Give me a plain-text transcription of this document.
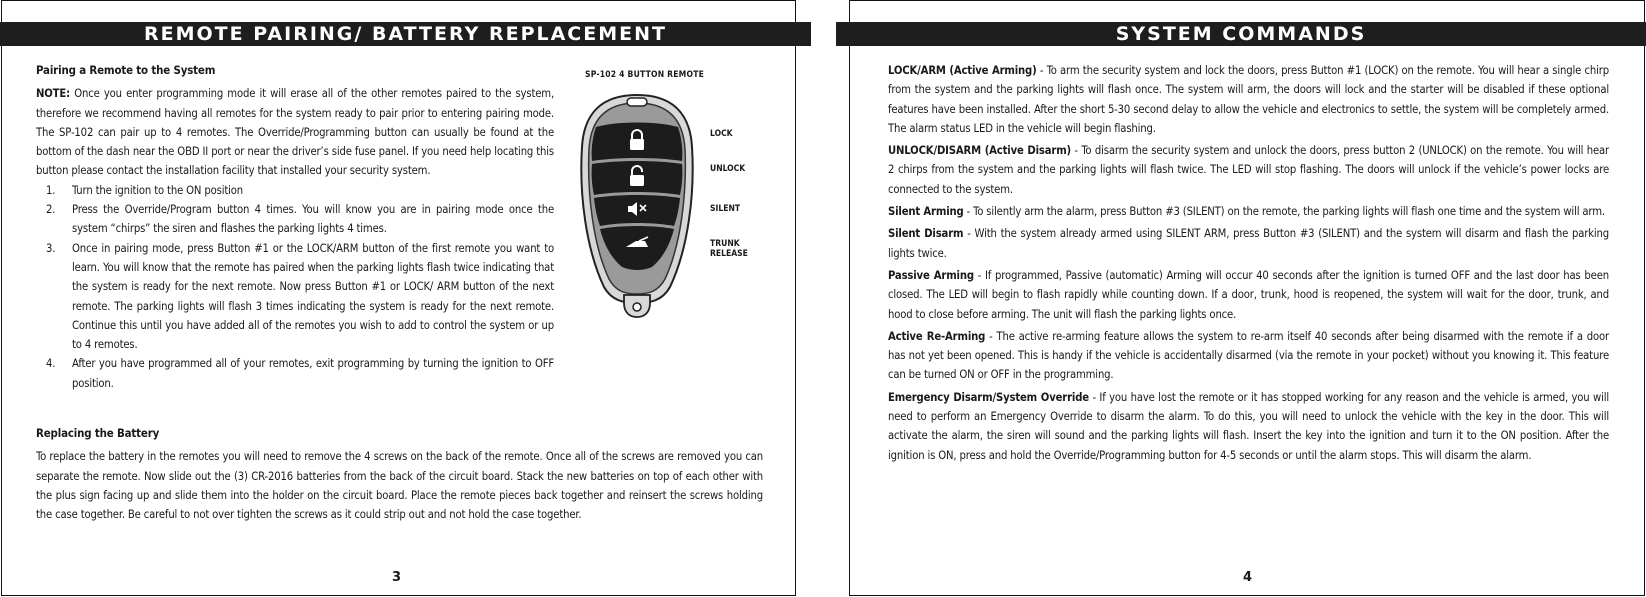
REMOTE PAIRING/ BATTERY REPLACEMENT

Pairing a Remote to the System

NOTE: Once you enter programming mode it will erase all of the other remotes paired to the system, therefore we recommend having all remotes for the system ready to pair prior to entering pairing mode. The SP-102 can pair up to 4 remotes. The Override/Programming button can usually be found at the bottom of the dash near the OBD II port or near the driver’s side fuse panel. If you need help locating this button please contact the installation facility that installed your security system.

1. Turn the ignition to the ON position
2. Press the Override/Program button 4 times. You will know you are in pairing mode once the system “chirps” the siren and flashes the parking lights 4 times.
3. Once in pairing mode, press Button #1 or the LOCK/ARM button of the first remote you want to learn. You will know that the remote has paired when the parking lights flash twice indicating that the system is ready for the next remote. Now press Button #1 or LOCK/ ARM button of the next remote. The parking lights will flash 3 times indicating the system is ready for the next remote. Continue this until you have added all of the remotes you wish to add to control the system or up to 4 remotes.
4. After you have programmed all of your remotes, exit programming by turning the ignition to OFF position.

Replacing the Battery

To replace the battery in the remotes you will need to remove the 4 screws on the back of the remote. Once all of the screws are removed you can separate the remote. Now slide out the (3) CR-2016 batteries from the back of the circuit board. Stack the new batteries on top of each other with the plus sign facing up and slide them into the holder on the circuit board. Place the remote pieces back together and reinsert the screws holding the case together. Be careful to not over tighten the screws as it could strip out and not hold the case together.

SP-102 4 BUTTON REMOTE
LOCK
UNLOCK
SILENT
TRUNK RELEASE
3
SYSTEM COMMANDS

LOCK/ARM (Active Arming) - To arm the security system and lock the doors, press Button #1 (LOCK) on the remote. You will hear a single chirp from the system and the parking lights will flash once. The system will arm, the doors will lock and the starter will be disabled if these optional features have been installed. After the short 5-30 second delay to allow the vehicle and electronics to settle, the system will be completely armed. The alarm status LED in the vehicle will begin flashing.

UNLOCK/DISARM (Active Disarm) - To disarm the security system and unlock the doors, press button 2 (UNLOCK) on the remote. You will hear 2 chirps from the system and the parking lights will flash twice. The LED will stop flashing. The doors will unlock if the vehicle’s power locks are connected to the system.

Silent Arming - To silently arm the alarm, press Button #3 (SILENT) on the remote, the parking lights will flash one time and the system will arm.

Silent Disarm - With the system already armed using SILENT ARM, press Button #3 (SILENT) and the system will disarm and flash the parking lights twice.

Passive Arming - If programmed, Passive (automatic) Arming will occur 40 seconds after the ignition is turned OFF and the last door has been closed. The LED will begin to flash rapidly while counting down. If a door, trunk, hood is reopened, the system will wait for the door, trunk, and hood to close before arming. The unit will flash the parking lights once.

Active Re-Arming - The active re-arming feature allows the system to re-arm itself 40 seconds after being disarmed with the remote if a door has not yet been opened. This is handy if the vehicle is accidentally disarmed (via the remote in your pocket) without you knowing it. This feature can be turned ON or OFF in the programming.

Emergency Disarm/System Override - If you have lost the remote or it has stopped working for any reason and the vehicle is armed, you will need to perform an Emergency Override to disarm the alarm. To do this, you will need to unlock the vehicle with the key in the door. This will activate the alarm, the siren will sound and the parking lights will flash. Insert the key into the ignition and turn it to the ON position. After the ignition is ON, press and hold the Override/Programming button for 4-5 seconds or until the alarm stops. This will disarm the alarm.

4
